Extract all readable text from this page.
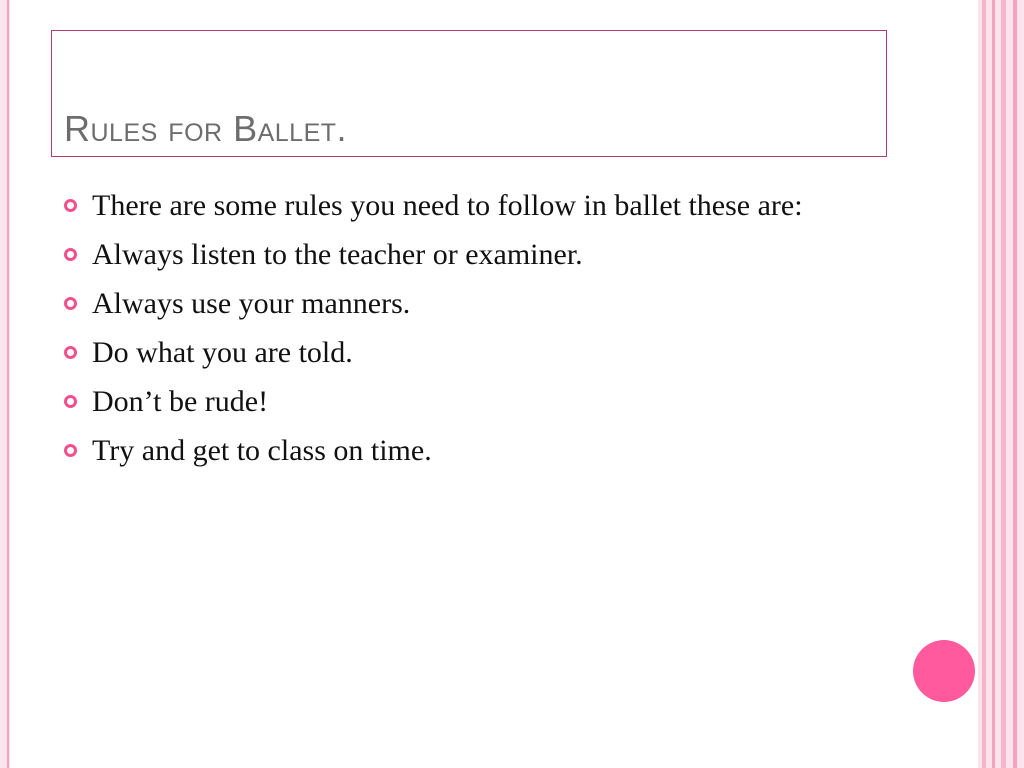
Rules for Ballet.
There are some rules you need to follow in ballet these are:
Always listen to the teacher or examiner.
Always use your manners.
Do what you are told.
Don’t be rude!
Try and get to class on time.
